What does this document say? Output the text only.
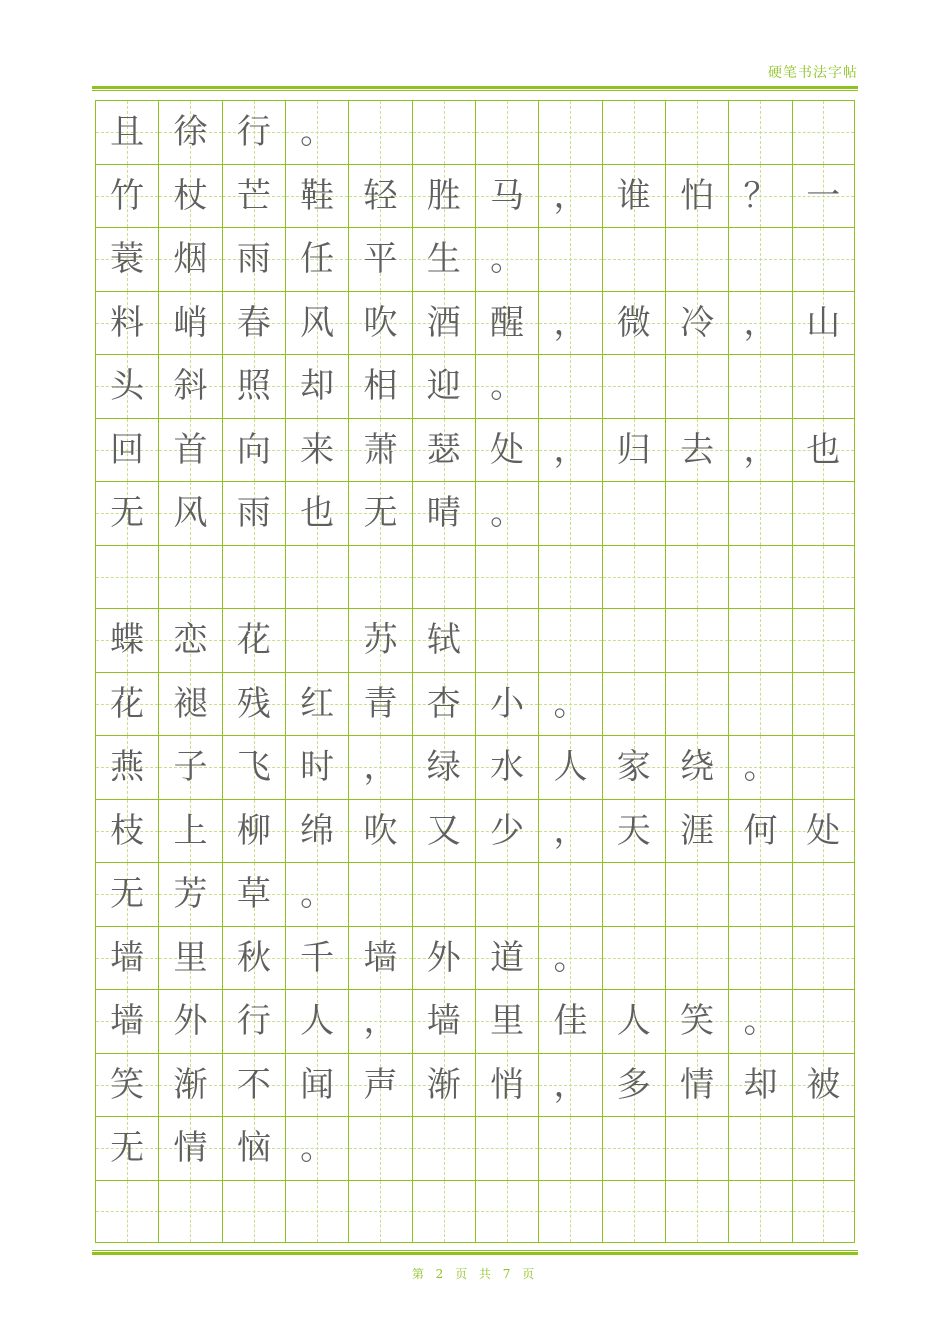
硬笔书法字帖
且 徐 行 。
竹 杖 芒 鞋 轻 胜 马 ， 谁 怕 ？ 一
蓑 烟 雨 任 平 生 。
料 峭 春 风 吹 酒 醒 ， 微 冷 ， 山
头 斜 照 却 相 迎 。
回 首 向 来 萧 瑟 处 ， 归 去 ， 也
无 风 雨 也 无 晴 。
蝶 恋 花	苏 轼
花 褪 残 红 青 杏 小 。
燕 子 飞 时 ， 绿 水 人 家 绕 。
枝 上 柳 绵 吹 又 少 ， 天 涯 何 处
无 芳 草 。
墙 里 秋 千 墙 外 道 。
墙 外 行 人 ， 墙 里 佳 人 笑 。
笑 渐 不 闻 声 渐 悄 ， 多 情 却 被
无 情 恼 。
第 2 页 共 7 页
